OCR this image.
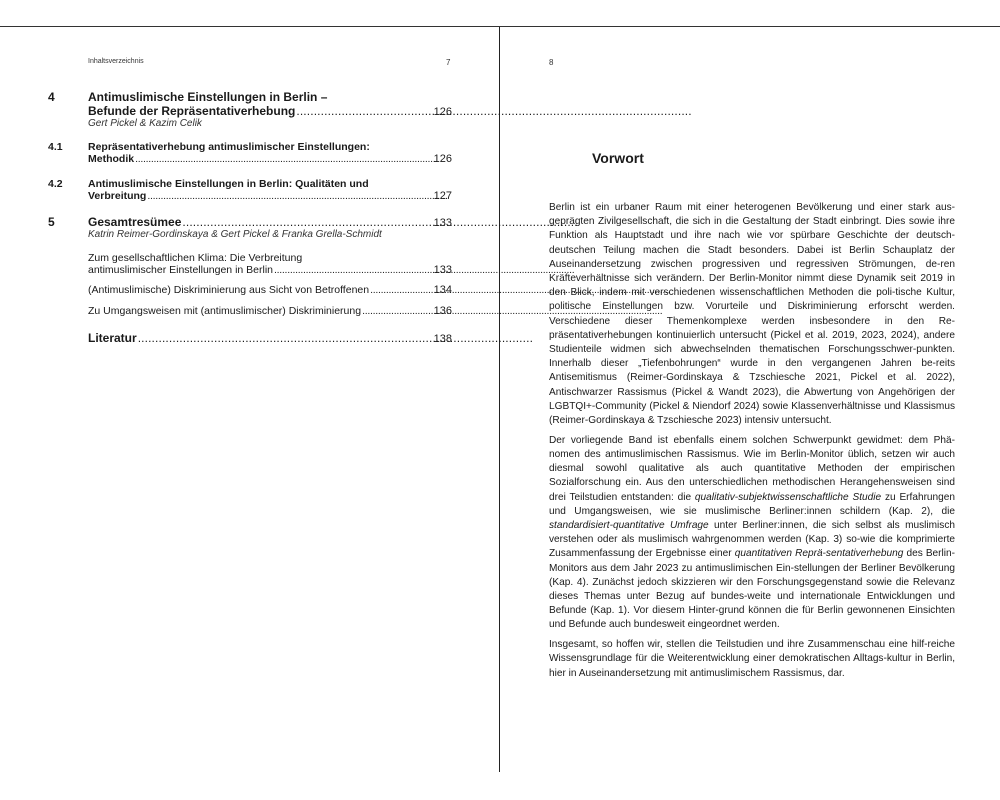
Inhaltsverzeichnis	7
4	Antimuslimische Einstellungen in Berlin –
Befunde der Repräsentativerhebung . . .	126
Gert Pickel & Kazim Celik
4.1 Repräsentativerhebung antimuslimischer Einstellungen:
Methodik . . .	126
4.2 Antimuslimische Einstellungen in Berlin: Qualitäten und
Verbreitung . . .	127
5	Gesamtresümee . . .	133
Katrin Reimer-Gordinskaya & Gert Pickel & Franka Grella-Schmidt
Zum gesellschaftlichen Klima: Die Verbreitung
antimuslimischer Einstellungen in Berlin . . .	133
(Antimuslimische) Diskriminierung aus Sicht von Betroffenen . . .	134
Zu Umgangsweisen mit (antimuslimischer) Diskriminierung . . .	136
Literatur . . .	138
8
Vorwort

Berlin ist ein urbaner Raum mit einer heterogenen Bevölkerung und einer stark aus-geprägten Zivilgesellschaft, die sich in die Gestaltung der Stadt einbringt. Dies sowie ihre Funktion als Hauptstadt und ihre nach wie vor spürbare Geschichte der deutsch-deutschen Teilung machen die Stadt besonders. Dabei ist Berlin Schauplatz der Auseinandersetzung zwischen progressiven und regressiven Strömungen, de-ren Kräfteverhältnisse sich verändern. Der Berlin-Monitor nimmt diese Dynamik seit 2019 in den Blick, indem mit verschiedenen wissenschaftlichen Methoden die poli-tische Kultur, politische Einstellungen bzw. Vorurteile und Diskriminierung erforscht werden. Verschiedene dieser Themenkomplexe werden insbesondere in den Re-präsentativerhebungen kontinuierlich untersucht (Pickel et al. 2019, 2023, 2024), andere Studienteile widmen sich abwechselnden thematischen Forschungsschwer-punkten. Innerhalb dieser „Tiefenbohrungen“ wurde in den vergangenen Jahren be-reits Antisemitismus (Reimer-Gordinskaya & Tzschiesche 2021, Pickel et al. 2022), Antischwarzer Rassismus (Pickel & Wandt 2023), die Abwertung von Angehörigen der LGBTQI+-Community (Pickel & Niendorf 2024) sowie Klassenverhältnisse und Klassismus (Reimer-Gordinskaya & Tzschiesche 2023) intensiv untersucht.

Der vorliegende Band ist ebenfalls einem solchen Schwerpunkt gewidmet: dem Phä-nomen des antimuslimischen Rassismus. Wie im Berlin-Monitor üblich, setzen wir auch diesmal sowohl qualitative als auch quantitative Methoden der empirischen Sozialforschung ein. Aus den unterschiedlichen methodischen Herangehensweisen sind drei Teilstudien entstanden: die qualitativ-subjektwissenschaftliche Studie zu Erfahrungen und Umgangsweisen, wie sie muslimische Berliner:innen schildern (Kap. 2), die standardisiert-quantitative Umfrage unter Berliner:innen, die sich selbst als muslimisch verstehen oder als muslimisch wahrgenommen werden (Kap. 3) so-wie die komprimierte Zusammenfassung der Ergebnisse einer quantitativen Reprä-sentativerhebung des Berlin-Monitors aus dem Jahr 2023 zu antimuslimischen Ein-stellungen der Berliner Bevölkerung (Kap. 4). Zunächst jedoch skizzieren wir den Forschungsgegenstand sowie die Relevanz dieses Themas unter Bezug auf bundes-weite und internationale Entwicklungen und Befunde (Kap. 1). Vor diesem Hinter-grund können die für Berlin gewonnenen Einsichten und Befunde auch bundesweit eingeordnet werden.

Insgesamt, so hoffen wir, stellen die Teilstudien und ihre Zusammenschau eine hilf-reiche Wissensgrundlage für die Weiterentwicklung einer demokratischen Alltags-kultur in Berlin, hier in Auseinandersetzung mit antimuslimischem Rassismus, dar.
